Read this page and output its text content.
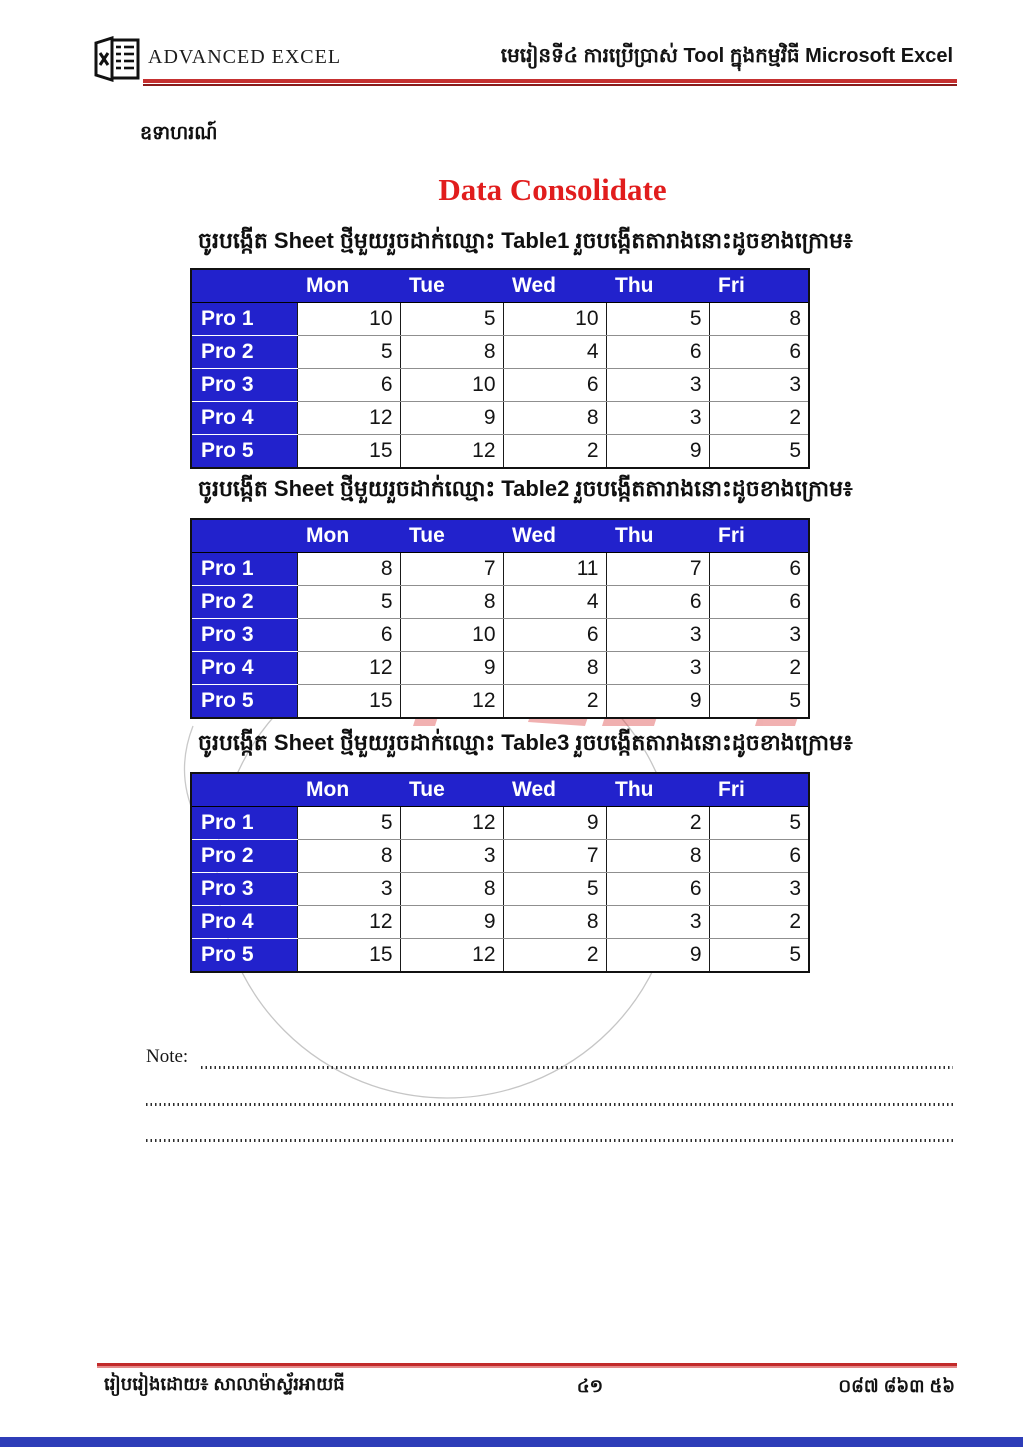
ADVANCED EXCEL	មេរៀនទី៤ ការប្រើប្រាស់ Tool ក្នុងកម្មវិធី Microsoft Excel
ឧទាហរណ៍
Data Consolidate
ចូរបង្កើត Sheet ថ្មីមួយរួចដាក់ឈ្មោះ Table1 រួចបង្កើតតារាងនោះដូចខាងក្រោម៖
	Mon	Tue	Wed	Thu	Fri
Pro 1	10	5	10	5	8
Pro 2	5	8	4	6	6
Pro 3	6	10	6	3	3
Pro 4	12	9	8	3	2
Pro 5	15	12	2	9	5
ចូរបង្កើត Sheet ថ្មីមួយរួចដាក់ឈ្មោះ Table2 រួចបង្កើតតារាងនោះដូចខាងក្រោម៖
	Mon	Tue	Wed	Thu	Fri
Pro 1	8	7	11	7	6
Pro 2	5	8	4	6	6
Pro 3	6	10	6	3	3
Pro 4	12	9	8	3	2
Pro 5	15	12	2	9	5
ចូរបង្កើត Sheet ថ្មីមួយរួចដាក់ឈ្មោះ Table3 រួចបង្កើតតារាងនោះដូចខាងក្រោម៖
	Mon	Tue	Wed	Thu	Fri
Pro 1	5	12	9	2	5
Pro 2	8	3	7	8	6
Pro 3	3	8	5	6	3
Pro 4	12	9	8	3	2
Pro 5	15	12	2	9	5
Note:
រៀបរៀងដោយ៖ សាលាម៉ាស្ទ័រអាយធី	៤១	០៨៧ ៨៦៣ ៥៦
